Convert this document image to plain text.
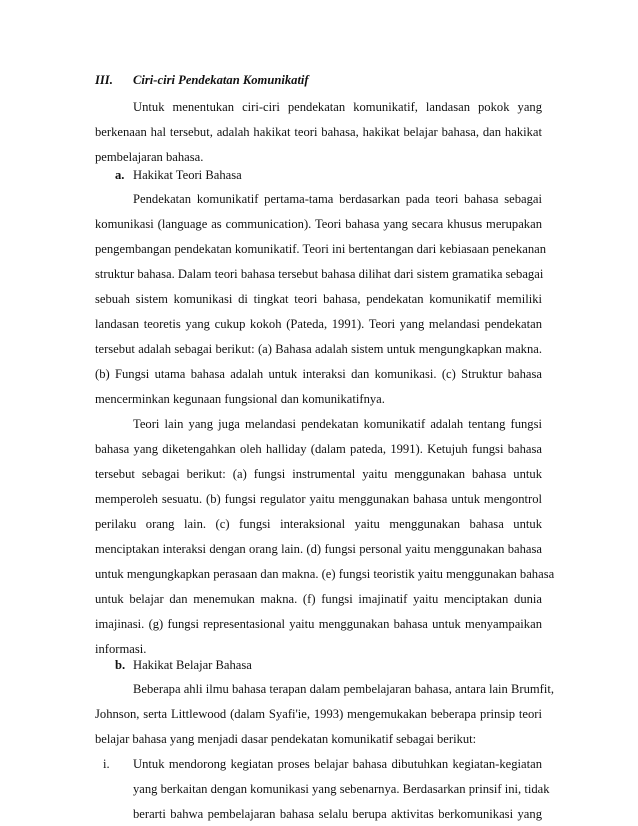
III. Ciri-ciri Pendekatan Komunikatif
Untuk menentukan ciri-ciri pendekatan komunikatif, landasan pokok yang
berkenaan hal tersebut, adalah hakikat teori bahasa, hakikat belajar bahasa, dan hakikat
pembelajaran bahasa.
a. Hakikat Teori Bahasa
Pendekatan komunikatif pertama-tama berdasarkan pada teori bahasa sebagai
komunikasi (language as communication). Teori bahasa yang secara khusus merupakan
pengembangan pendekatan komunikatif. Teori ini bertentangan dari kebiasaan penekanan
struktur bahasa. Dalam teori bahasa tersebut bahasa dilihat dari sistem gramatika sebagai
sebuah sistem komunikasi di tingkat teori bahasa, pendekatan komunikatif memiliki
landasan teoretis yang cukup kokoh (Pateda, 1991). Teori yang melandasi pendekatan
tersebut adalah sebagai berikut: (a) Bahasa adalah sistem untuk mengungkapkan makna.
(b) Fungsi utama bahasa adalah untuk interaksi dan komunikasi. (c) Struktur bahasa
mencerminkan kegunaan fungsional dan komunikatifnya.
Teori lain yang juga melandasi pendekatan komunikatif adalah tentang fungsi
bahasa yang diketengahkan oleh halliday (dalam pateda, 1991). Ketujuh fungsi bahasa
tersebut sebagai berikut: (a) fungsi instrumental yaitu menggunakan bahasa untuk
memperoleh sesuatu. (b) fungsi regulator yaitu menggunakan bahasa untuk mengontrol
perilaku orang lain. (c) fungsi interaksional yaitu menggunakan bahasa untuk
menciptakan interaksi dengan orang lain. (d) fungsi personal yaitu menggunakan bahasa
untuk mengungkapkan perasaan dan makna. (e) fungsi teoristik yaitu menggunakan bahasa
untuk belajar dan menemukan makna. (f) fungsi imajinatif yaitu menciptakan dunia
imajinasi. (g) fungsi representasional yaitu menggunakan bahasa untuk menyampaikan
informasi.
b. Hakikat Belajar Bahasa
Beberapa ahli ilmu bahasa terapan dalam pembelajaran bahasa, antara lain Brumfit,
Johnson, serta Littlewood (dalam Syafi'ie, 1993) mengemukakan beberapa prinsip teori
belajar bahasa yang menjadi dasar pendekatan komunikatif sebagai berikut:
i. Untuk mendorong kegiatan proses belajar bahasa dibutuhkan kegiatan-kegiatan
yang berkaitan dengan komunikasi yang sebenarnya. Berdasarkan prinsif ini, tidak
berarti bahwa pembelajaran bahasa selalu berupa aktivitas berkomunikasi yang
